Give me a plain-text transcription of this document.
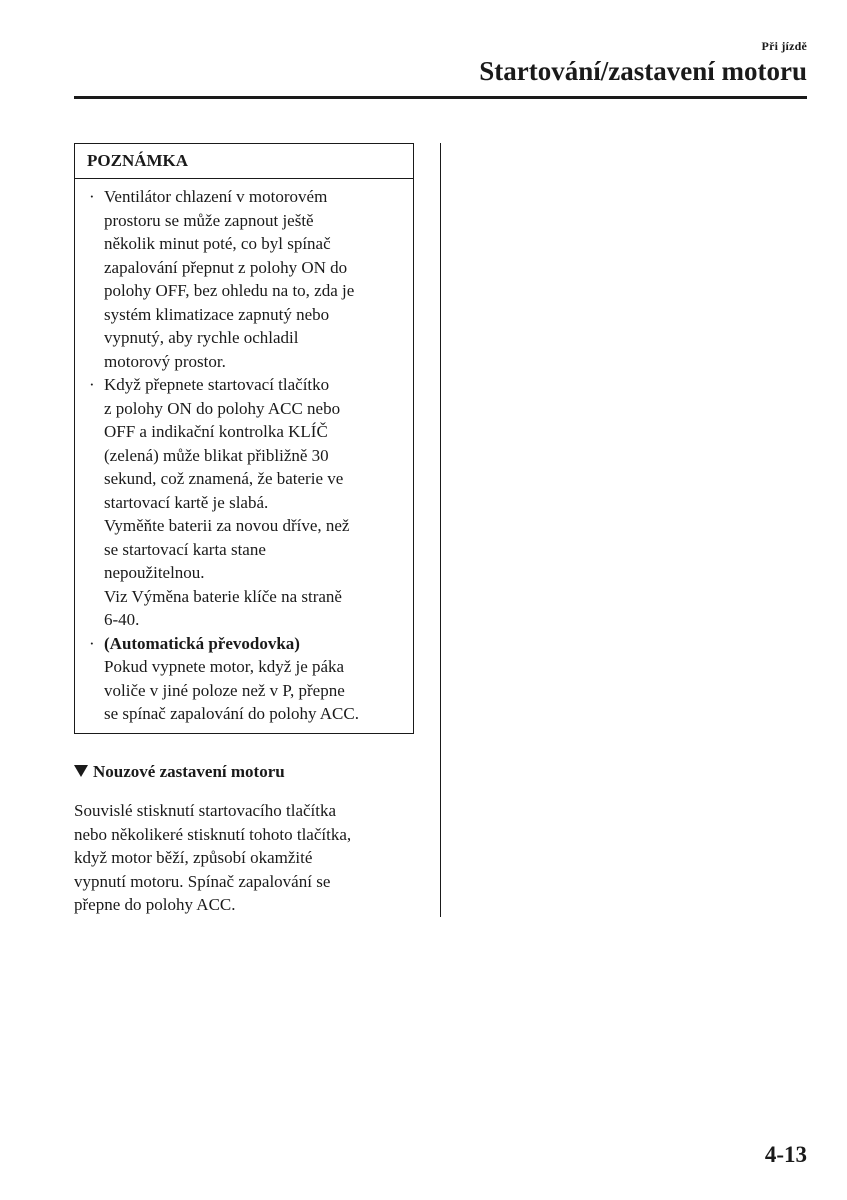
Při jízdě
Startování/zastavení motoru
POZNÁMKA
· Ventilátor chlazení v motorovém
prostoru se může zapnout ještě
několik minut poté, co byl spínač
zapalování přepnut z polohy ON do
polohy OFF, bez ohledu na to, zda je
systém klimatizace zapnutý nebo
vypnutý, aby rychle ochladil
motorový prostor.
· Když přepnete startovací tlačítko
z polohy ON do polohy ACC nebo
OFF a indikační kontrolka KLÍČ
(zelená) může blikat přibližně 30
sekund, což znamená, že baterie ve
startovací kartě je slabá.
Vyměňte baterii za novou dříve, než
se startovací karta stane
nepoužitelnou.
Viz Výměna baterie klíče na straně
6-40.
· (Automatická převodovka)
Pokud vypnete motor, když je páka
voliče v jiné poloze než v P, přepne
se spínač zapalování do polohy ACC.
Nouzové zastavení motoru
Souvislé stisknutí startovacího tlačítka
nebo několikeré stisknutí tohoto tlačítka,
když motor běží, způsobí okamžité
vypnutí motoru. Spínač zapalování se
přepne do polohy ACC.
4-13
